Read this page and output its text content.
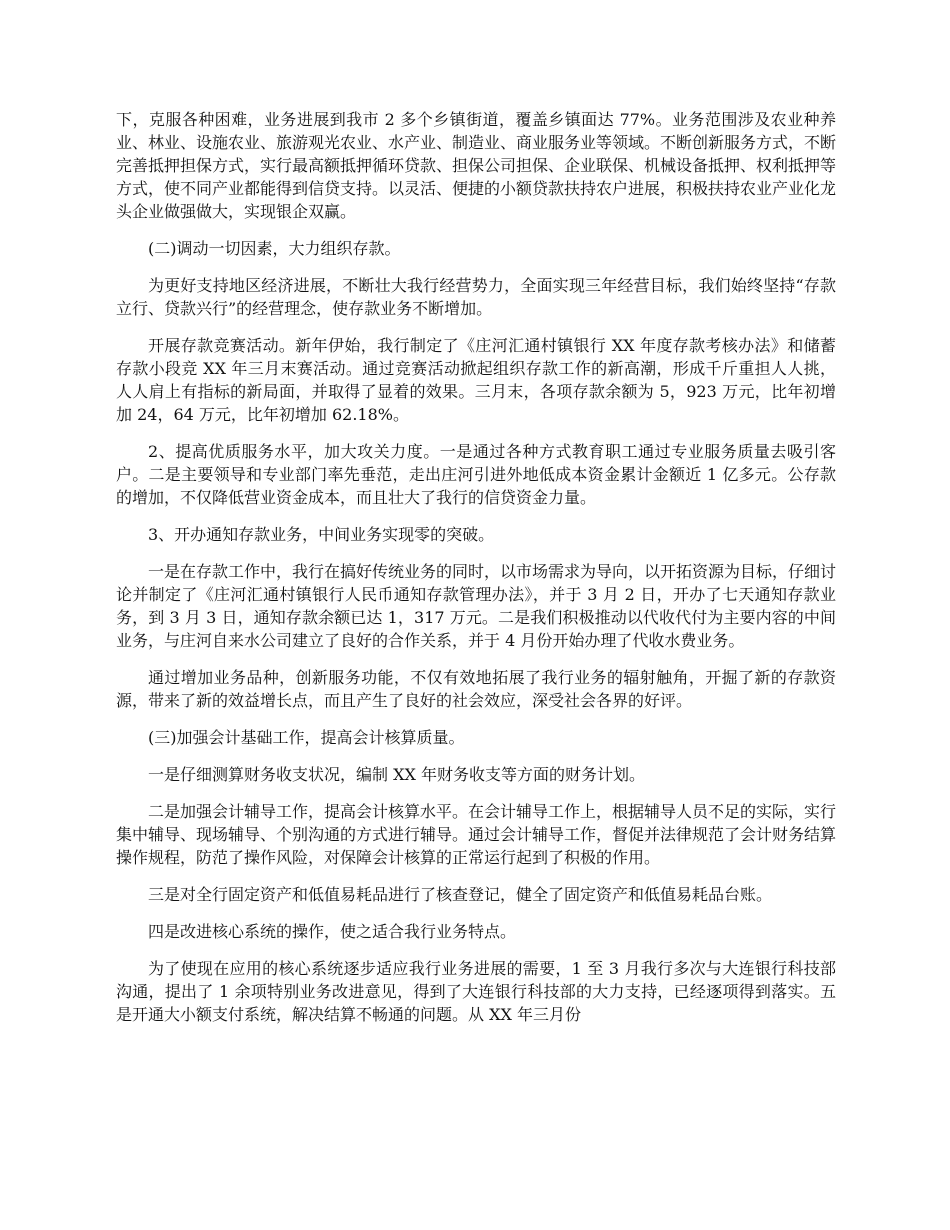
下，克服各种困难，业务进展到我市 2 多个乡镇街道，覆盖乡镇面达 77%。业务范围涉及农业种养业、林业、设施农业、旅游观光农业、水产业、制造业、商业服务业等领域。不断创新服务方式，不断完善抵押担保方式，实行最高额抵押循环贷款、担保公司担保、企业联保、机械设备抵押、权利抵押等方式，使不同产业都能得到信贷支持。以灵活、便捷的小额贷款扶持农户进展，积极扶持农业产业化龙头企业做强做大，实现银企双赢。

(二)调动一切因素，大力组织存款。

为更好支持地区经济进展，不断壮大我行经营势力，全面实现三年经营目标，我们始终坚持“存款立行、贷款兴行”的经营理念，使存款业务不断增加。

开展存款竞赛活动。新年伊始，我行制定了《庄河汇通村镇银行 XX 年度存款考核办法》和储蓄存款小段竞 XX 年三月末赛活动。通过竞赛活动掀起组织存款工作的新高潮，形成千斤重担人人挑，人人肩上有指标的新局面，并取得了显着的效果。三月末，各项存款余额为 5，923 万元，比年初增加 24，64 万元，比年初增加 62.18%。

2、提高优质服务水平，加大攻关力度。一是通过各种方式教育职工通过专业服务质量去吸引客户。二是主要领导和专业部门率先垂范，走出庄河引进外地低成本资金累计金额近 1 亿多元。公存款的增加，不仅降低营业资金成本，而且壮大了我行的信贷资金力量。

3、开办通知存款业务，中间业务实现零的突破。

一是在存款工作中，我行在搞好传统业务的同时，以市场需求为导向，以开拓资源为目标，仔细讨论并制定了《庄河汇通村镇银行人民币通知存款管理办法》，并于 3 月 2 日，开办了七天通知存款业务，到 3 月 3 日，通知存款余额已达 1，317 万元。二是我们积极推动以代收代付为主要内容的中间业务，与庄河自来水公司建立了良好的合作关系，并于 4 月份开始办理了代收水费业务。

通过增加业务品种，创新服务功能，不仅有效地拓展了我行业务的辐射触角，开掘了新的存款资源，带来了新的效益增长点，而且产生了良好的社会效应，深受社会各界的好评。

(三)加强会计基础工作，提高会计核算质量。

一是仔细测算财务收支状况，编制 XX 年财务收支等方面的财务计划。

二是加强会计辅导工作，提高会计核算水平。在会计辅导工作上，根据辅导人员不足的实际，实行集中辅导、现场辅导、个别沟通的方式进行辅导。通过会计辅导工作，督促并法律规范了会计财务结算操作规程，防范了操作风险，对保障会计核算的正常运行起到了积极的作用。

三是对全行固定资产和低值易耗品进行了核查登记，健全了固定资产和低值易耗品台账。

四是改进核心系统的操作，使之适合我行业务特点。

为了使现在应用的核心系统逐步适应我行业务进展的需要，1 至 3 月我行多次与大连银行科技部沟通，提出了 1 余项特别业务改进意见，得到了大连银行科技部的大力支持，已经逐项得到落实。五是开通大小额支付系统，解决结算不畅通的问题。从 XX 年三月份
